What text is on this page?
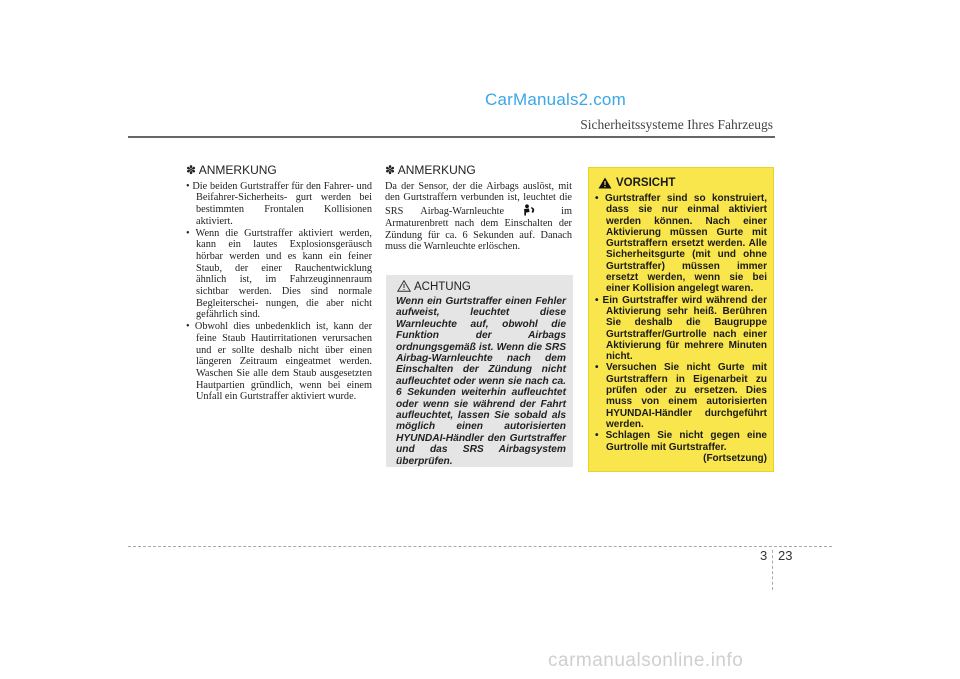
CarManuals2.com
Sicherheitssysteme Ihres Fahrzeugs
✽ ANMERKUNG
• Die beiden Gurtstraffer für den Fahrer- und Beifahrer-Sicherheits- gurt werden bei bestimmten Frontalen Kollisionen aktiviert.
• Wenn die Gurtstraffer aktiviert werden, kann ein lautes Explosionsgeräusch hörbar werden und es kann ein feiner Staub, der einer Rauchentwicklung ähnlich ist, im Fahrzeuginnenraum sichtbar werden. Dies sind normale Begleiterschei- nungen, die aber nicht gefährlich sind.
• Obwohl dies unbedenklich ist, kann der feine Staub Hautirritationen verursachen und er sollte deshalb nicht über einen längeren Zeitraum eingeatmet werden. Waschen Sie alle dem Staub ausgesetzten Hautpartien gründlich, wenn bei einem Unfall ein Gurtstraffer aktiviert wurde.
✽ ANMERKUNG
Da der Sensor, der die Airbags auslöst, mit den Gurtstraffern verbunden ist, leuchtet die SRS Airbag-Warnleuchte	im Armaturenbrett nach dem Einschalten der Zündung für ca. 6 Sekunden auf. Danach muss die Warnleuchte erlöschen.
ACHTUNG
Wenn ein Gurtstraffer einen Fehler aufweist, leuchtet diese Warnleuchte auf, obwohl die Funktion der Airbags ordnungsgemäß ist. Wenn die SRS Airbag-Warnleuchte nach dem Einschalten der Zündung nicht aufleuchtet oder wenn sie nach ca. 6 Sekunden weiterhin aufleuchtet oder wenn sie während der Fahrt aufleuchtet, lassen Sie sobald als möglich einen autorisierten HYUNDAI-Händler den Gurtstraffer und das SRS Airbagsystem überprüfen.
VORSICHT
• Gurtstraffer sind so konstruiert, dass sie nur einmal aktiviert werden können. Nach einer Aktivierung müssen Gurte mit Gurtstraffern ersetzt werden. Alle Sicherheitsgurte (mit und ohne Gurtstraffer) müssen immer ersetzt werden, wenn sie bei einer Kollision angelegt waren.
• Ein Gurtstraffer wird während der Aktivierung sehr heiß. Berühren Sie deshalb die Baugruppe Gurtstraffer/Gurtrolle nach einer Aktivierung für mehrere Minuten nicht.
• Versuchen Sie nicht Gurte mit Gurtstraffern in Eigenarbeit zu prüfen oder zu ersetzen. Dies muss von einem autorisierten HYUNDAI-Händler durchgeführt werden.
• Schlagen Sie nicht gegen eine Gurtrolle mit Gurtstraffer.
(Fortsetzung)
3 23
carmanualsonline.info
